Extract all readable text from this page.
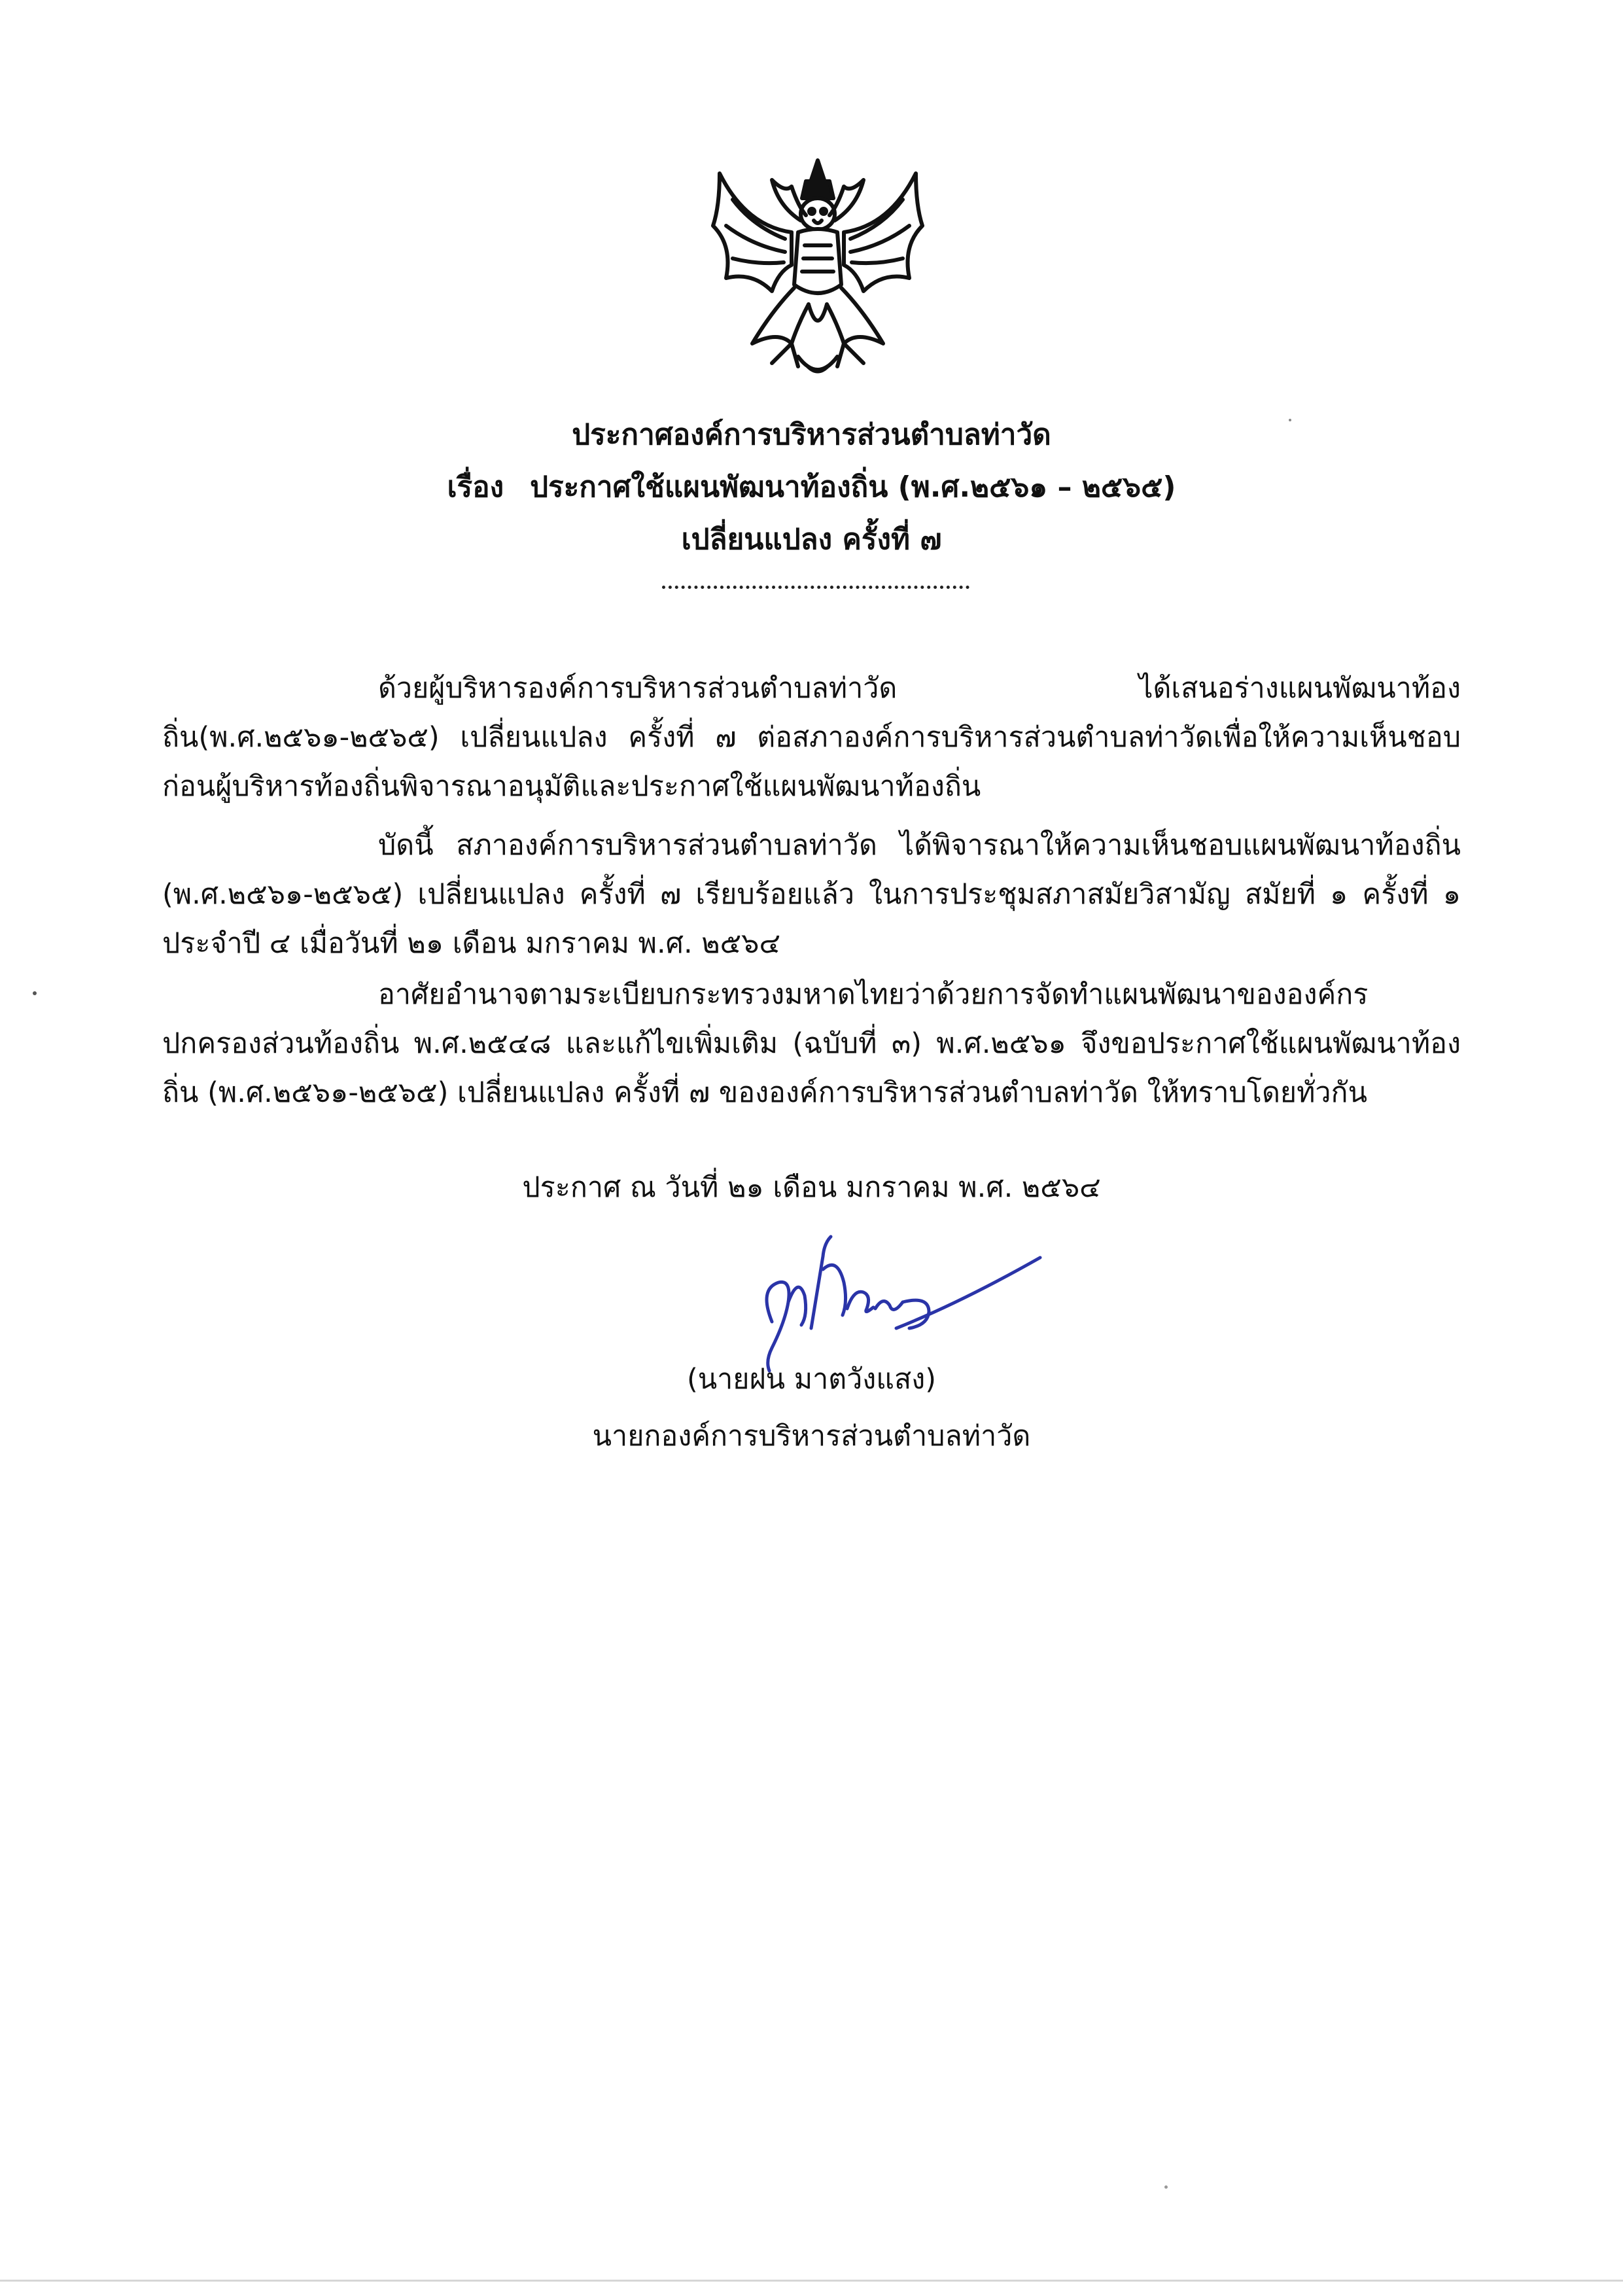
ประกาศองค์การบริหารส่วนตำบลท่าวัด
เรื่อง ประกาศใช้แผนพัฒนาท้องถิ่น (พ.ศ.๒๕๖๑ – ๒๕๖๕)
เปลี่ยนแปลง ครั้งที่ ๗
ด้วยผู้บริหารองค์การบริหารส่วนตำบลท่าวัด ได้เสนอร่างแผนพัฒนาท้องถิ่น(พ.ศ.๒๕๖๑-๒๕๖๕) เปลี่ยนแปลง ครั้งที่ ๗ ต่อสภาองค์การบริหารส่วนตำบลท่าวัดเพื่อให้ความเห็นชอบ ก่อนผู้บริหารท้องถิ่นพิจารณาอนุมัติและประกาศใช้แผนพัฒนาท้องถิ่น
บัดนี้ สภาองค์การบริหารส่วนตำบลท่าวัด ได้พิจารณาให้ความเห็นชอบแผนพัฒนาท้องถิ่น (พ.ศ.๒๕๖๑-๒๕๖๕) เปลี่ยนแปลง ครั้งที่ ๗ เรียบร้อยแล้ว ในการประชุมสภาสมัยวิสามัญ สมัยที่ ๑ ครั้งที่ ๑ ประจำปี ๔ เมื่อวันที่ ๒๑ เดือน มกราคม พ.ศ. ๒๕๖๔
อาศัยอำนาจตามระเบียบกระทรวงมหาดไทยว่าด้วยการจัดทำแผนพัฒนาขององค์กรปกครองส่วนท้องถิ่น พ.ศ.๒๕๔๘ และแก้ไขเพิ่มเติม (ฉบับที่ ๓) พ.ศ.๒๕๖๑ จึงขอประกาศใช้แผนพัฒนาท้องถิ่น (พ.ศ.๒๕๖๑-๒๕๖๕) เปลี่ยนแปลง ครั้งที่ ๗ ขององค์การบริหารส่วนตำบลท่าวัด ให้ทราบโดยทั่วกัน
ประกาศ ณ วันที่ ๒๑ เดือน มกราคม พ.ศ. ๒๕๖๔
(นายฝน มาตวังแสง)
นายกองค์การบริหารส่วนตำบลท่าวัด
